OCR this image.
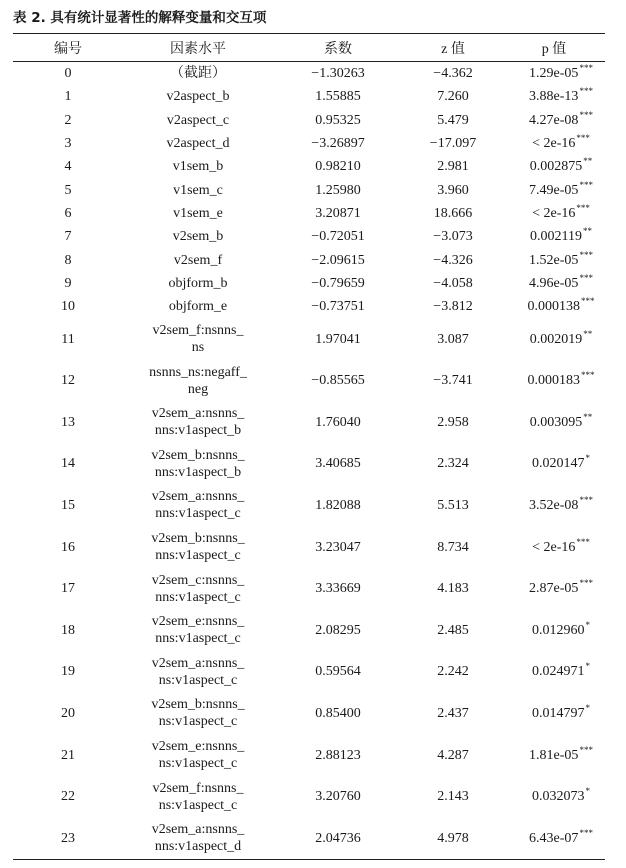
表 2. 具有统计显著性的解释变量和交互项
编号	因素水平	系数	z 值	p 值
0	（截距）	−1.30263	−4.362	1.29e-05***
1	v2aspect_b	1.55885	7.260	3.88e-13***
2	v2aspect_c	0.95325	5.479	4.27e-08***
3	v2aspect_d	−3.26897	−17.097	< 2e-16***
4	v1sem_b	0.98210	2.981	0.002875**
5	v1sem_c	1.25980	3.960	7.49e-05***
6	v1sem_e	3.20871	18.666	< 2e-16***
7	v2sem_b	−0.72051	−3.073	0.002119**
8	v2sem_f	−2.09615	−4.326	1.52e-05***
9	objform_b	−0.79659	−4.058	4.96e-05***
10	objform_e	−0.73751	−3.812	0.000138***
11	v2sem_f:nsnns_
ns	1.97041	3.087	0.002019**
12	nsnns_ns:negaff_
neg	−0.85565	−3.741	0.000183***
13	v2sem_a:nsnns_
nns:v1aspect_b	1.76040	2.958	0.003095**
14	v2sem_b:nsnns_
nns:v1aspect_b	3.40685	2.324	0.020147*
15	v2sem_a:nsnns_
nns:v1aspect_c	1.82088	5.513	3.52e-08***
16	v2sem_b:nsnns_
nns:v1aspect_c	3.23047	8.734	< 2e-16***
17	v2sem_c:nsnns_
nns:v1aspect_c	3.33669	4.183	2.87e-05***
18	v2sem_e:nsnns_
nns:v1aspect_c	2.08295	2.485	0.012960*
19	v2sem_a:nsnns_
ns:v1aspect_c	0.59564	2.242	0.024971*
20	v2sem_b:nsnns_
ns:v1aspect_c	0.85400	2.437	0.014797*
21	v2sem_e:nsnns_
ns:v1aspect_c	2.88123	4.287	1.81e-05***
22	v2sem_f:nsnns_
ns:v1aspect_c	3.20760	2.143	0.032073*
23	v2sem_a:nsnns_
nns:v1aspect_d	2.04736	4.978	6.43e-07***
